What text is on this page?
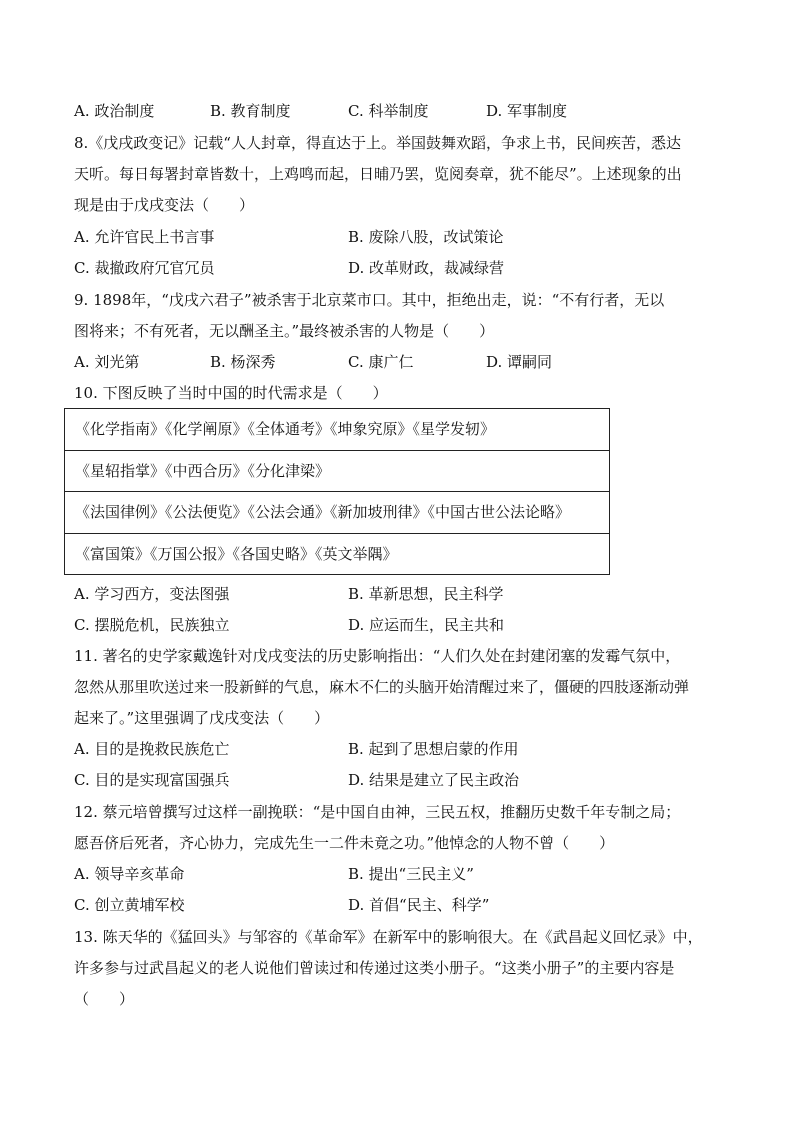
A. 政治制度	B. 教育制度	C. 科举制度	D. 军事制度
8.《戊戌政变记》记载“人人封章，得直达于上。举国鼓舞欢蹈，争求上书，民间疾苦，悉达
天听。每日每署封章皆数十，上鸡鸣而起，日晡乃罢，览阅奏章，犹不能尽”。上述现象的出
现是由于戊戌变法（　　）
A. 允许官民上书言事	B. 废除八股，改试策论
C. 裁撤政府冗官冗员	D. 改革财政，裁减绿营
9. 1898年，“戊戌六君子”被杀害于北京菜市口。其中，拒绝出走，说：“不有行者，无以
图将来；不有死者，无以酬圣主。”最终被杀害的人物是（　　）
A. 刘光第	B. 杨深秀	C. 康广仁	D. 谭嗣同
10. 下图反映了当时中国的时代需求是（　　）
《化学指南》《化学阐原》《全体通考》《坤象究原》《星学发轫》
《星轺指掌》《中西合历》《分化津梁》
《法国律例》《公法便览》《公法会通》《新加坡刑律》《中国古世公法论略》
《富国策》《万国公报》《各国史略》《英文举隅》
A. 学习西方，变法图强	B. 革新思想，民主科学
C. 摆脱危机，民族独立	D. 应运而生，民主共和
11. 著名的史学家戴逸针对戊戌变法的历史影响指出：“人们久处在封建闭塞的发霉气氛中，
忽然从那里吹送过来一股新鲜的气息，麻木不仁的头脑开始清醒过来了，僵硬的四肢逐渐动弹
起来了。”这里强调了戊戌变法（　　）
A. 目的是挽救民族危亡	B. 起到了思想启蒙的作用
C. 目的是实现富国强兵	D. 结果是建立了民主政治
12. 蔡元培曾撰写过这样一副挽联：“是中国自由神，三民五权，推翻历史数千年专制之局；
愿吾侪后死者，齐心协力，完成先生一二件未竟之功。”他悼念的人物不曾（　　）
A. 领导辛亥革命	B. 提出“三民主义”
C. 创立黄埔军校	D. 首倡“民主、科学”
13. 陈天华的《猛回头》与邹容的《革命军》在新军中的影响很大。在《武昌起义回忆录》中，
许多参与过武昌起义的老人说他们曾读过和传递过这类小册子。“这类小册子”的主要内容是
（　　）
